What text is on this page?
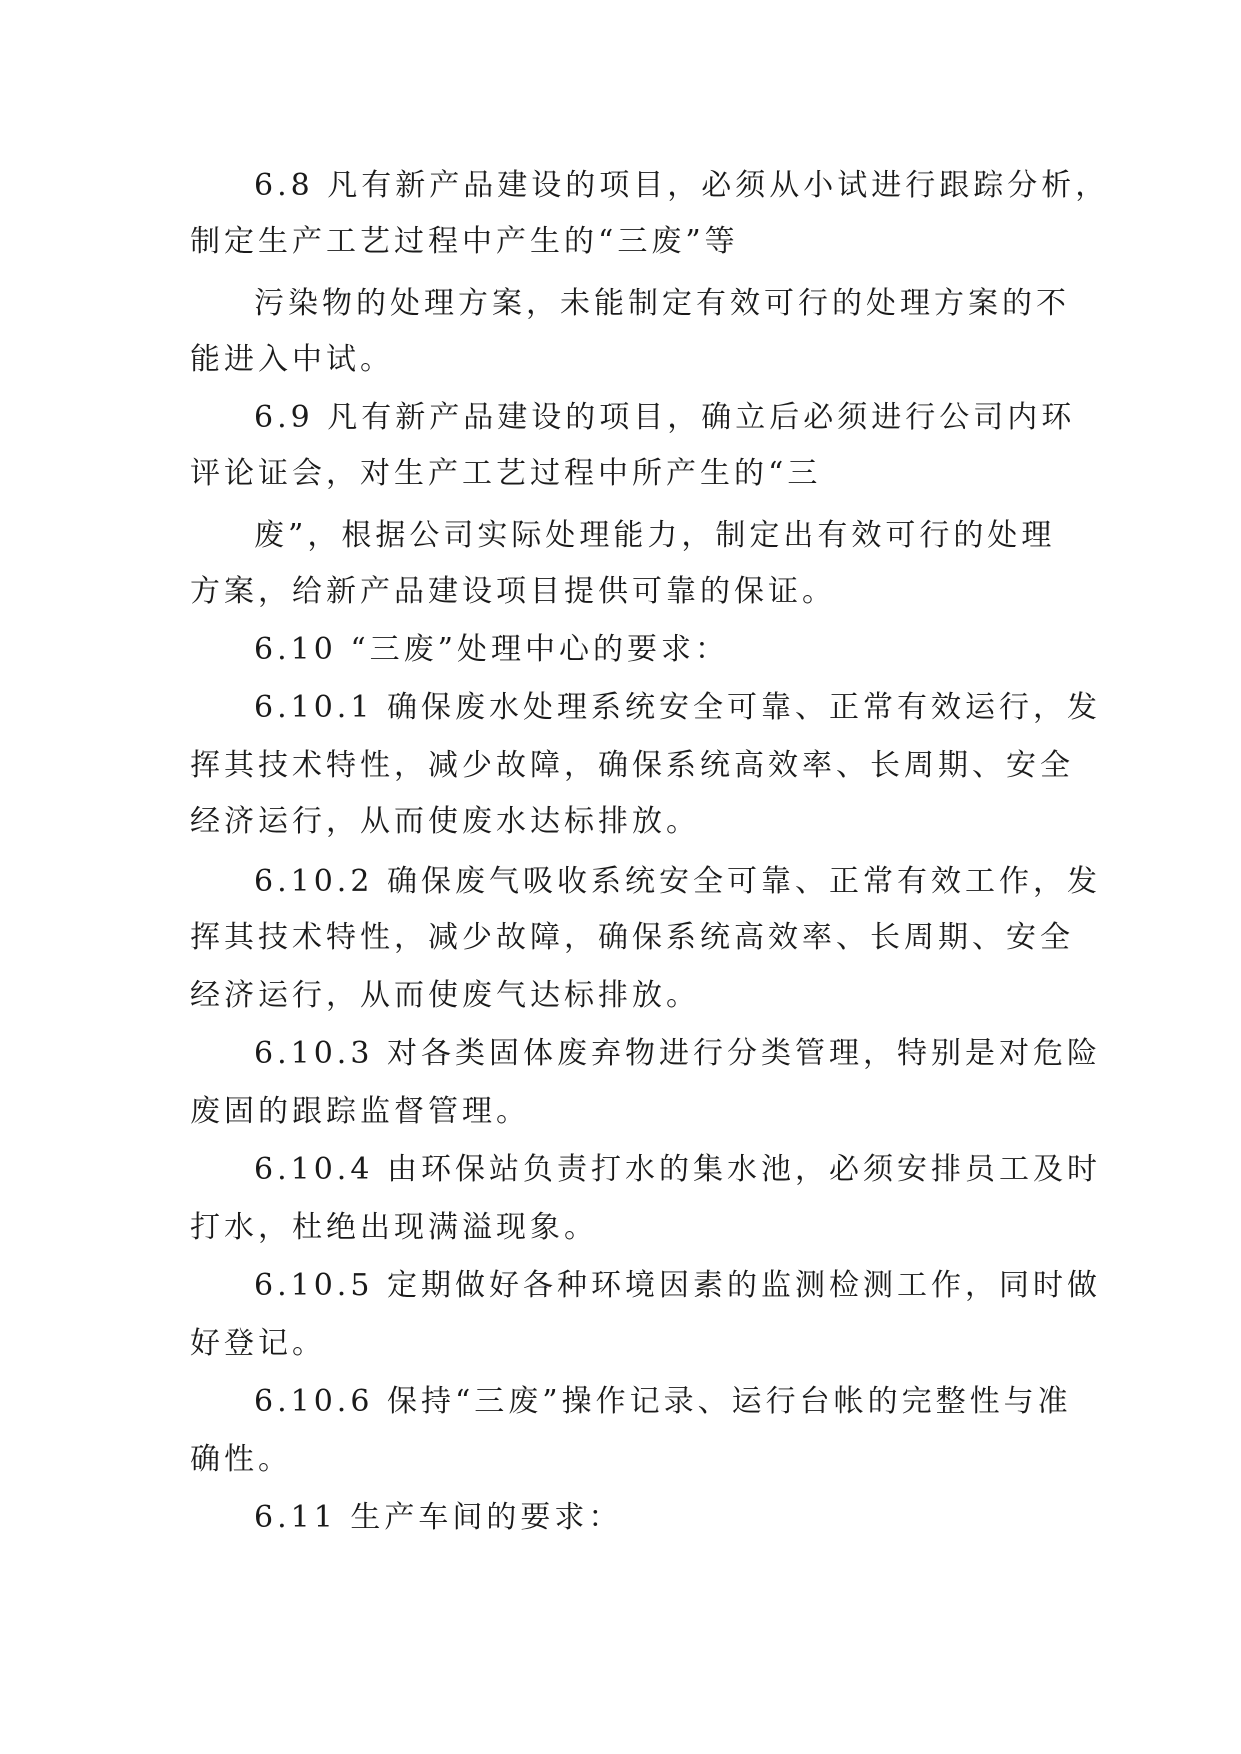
6.8 凡有新产品建设的项目，必须从小试进行跟踪分析，
制定生产工艺过程中产生的“三废”等
污染物的处理方案，未能制定有效可行的处理方案的不
能进入中试。
6.9 凡有新产品建设的项目，确立后必须进行公司内环
评论证会，对生产工艺过程中所产生的“三
废”，根据公司实际处理能力，制定出有效可行的处理
方案，给新产品建设项目提供可靠的保证。
6.10 “三废”处理中心的要求：
6.10.1 确保废水处理系统安全可靠、正常有效运行，发
挥其技术特性，减少故障，确保系统高效率、长周期、安全
经济运行，从而使废水达标排放。
6.10.2 确保废气吸收系统安全可靠、正常有效工作，发
挥其技术特性，减少故障，确保系统高效率、长周期、安全
经济运行，从而使废气达标排放。
6.10.3 对各类固体废弃物进行分类管理，特别是对危险
废固的跟踪监督管理。
6.10.4 由环保站负责打水的集水池，必须安排员工及时
打水，杜绝出现满溢现象。
6.10.5 定期做好各种环境因素的监测检测工作，同时做
好登记。
6.10.6 保持“三废”操作记录、运行台帐的完整性与准
确性。
6.11 生产车间的要求：
